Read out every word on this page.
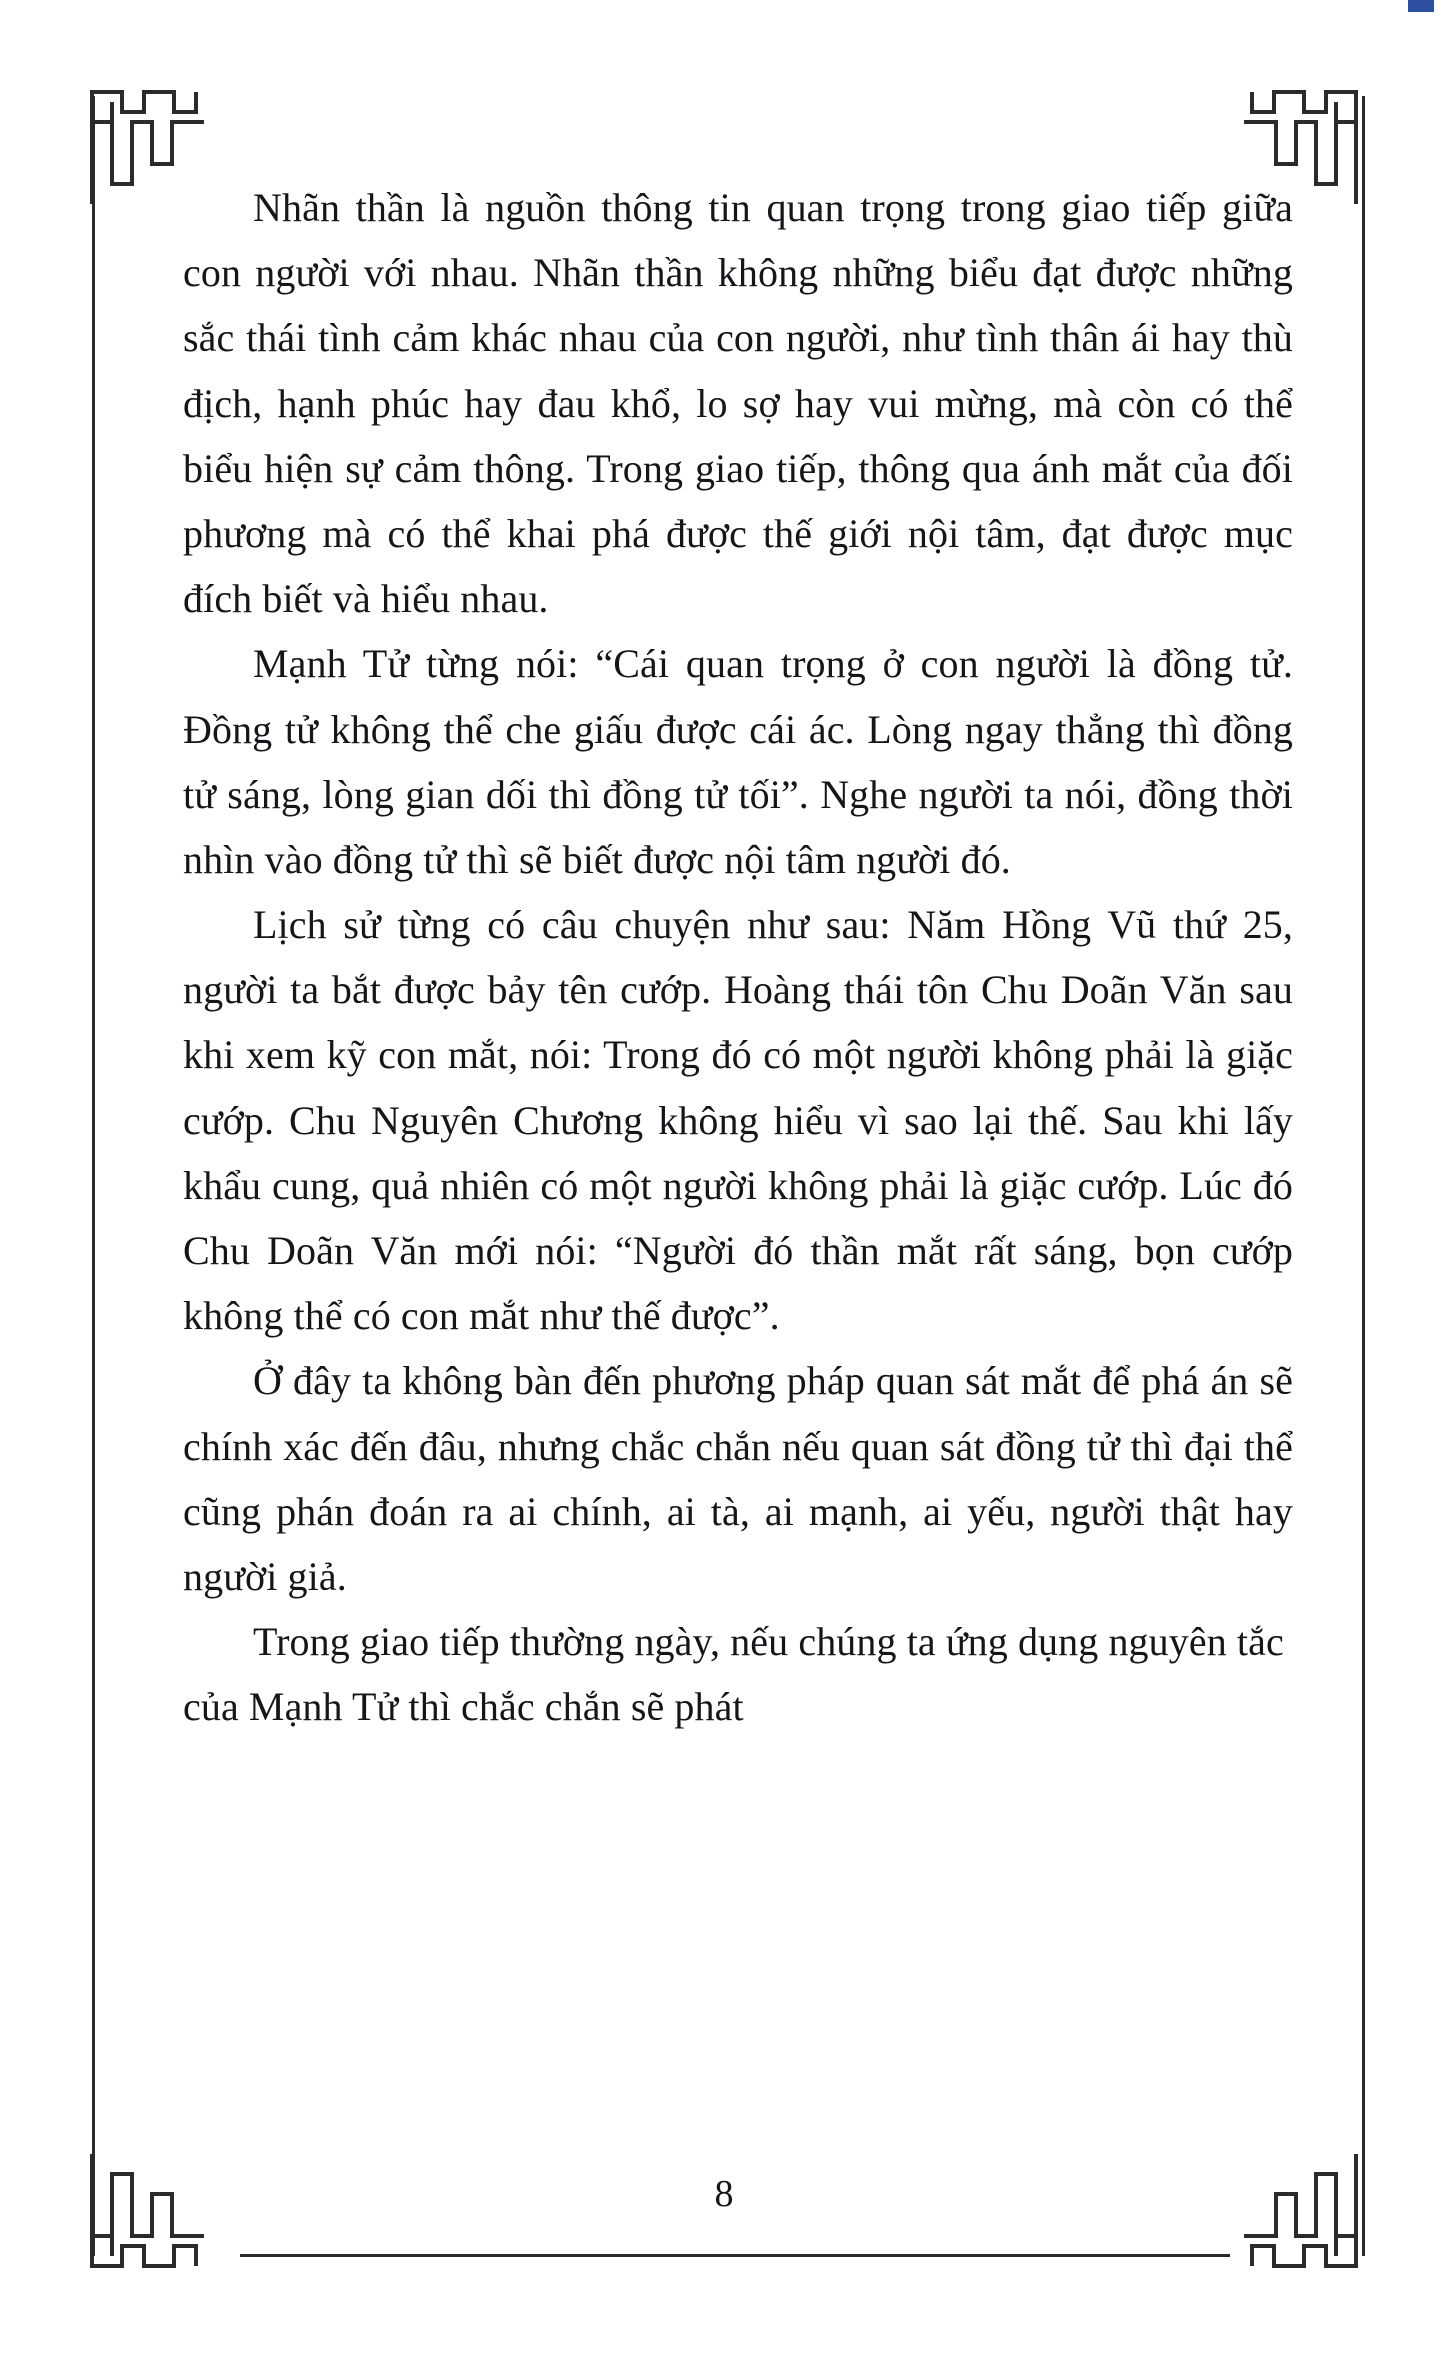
Nhãn thần là nguồn thông tin quan trọng trong giao tiếp giữa con người với nhau. Nhãn thần không những biểu đạt được những sắc thái tình cảm khác nhau của con người, như tình thân ái hay thù địch, hạnh phúc hay đau khổ, lo sợ hay vui mừng, mà còn có thể biểu hiện sự cảm thông. Trong giao tiếp, thông qua ánh mắt của đối phương mà có thể khai phá được thế giới nội tâm, đạt được mục đích biết và hiểu nhau.

Mạnh Tử từng nói: “Cái quan trọng ở con người là đồng tử. Đồng tử không thể che giấu được cái ác. Lòng ngay thẳng thì đồng tử sáng, lòng gian dối thì đồng tử tối”. Nghe người ta nói, đồng thời nhìn vào đồng tử thì sẽ biết được nội tâm người đó.

Lịch sử từng có câu chuyện như sau: Năm Hồng Vũ thứ 25, người ta bắt được bảy tên cướp. Hoàng thái tôn Chu Doãn Văn sau khi xem kỹ con mắt, nói: Trong đó có một người không phải là giặc cướp. Chu Nguyên Chương không hiểu vì sao lại thế. Sau khi lấy khẩu cung, quả nhiên có một người không phải là giặc cướp. Lúc đó Chu Doãn Văn mới nói: “Người đó thần mắt rất sáng, bọn cướp không thể có con mắt như thế được”.

Ở đây ta không bàn đến phương pháp quan sát mắt để phá án sẽ chính xác đến đâu, nhưng chắc chắn nếu quan sát đồng tử thì đại thể cũng phán đoán ra ai chính, ai tà, ai mạnh, ai yếu, người thật hay người giả.

Trong giao tiếp thường ngày, nếu chúng ta ứng dụng nguyên tắc của Mạnh Tử thì chắc chắn sẽ phát

8
